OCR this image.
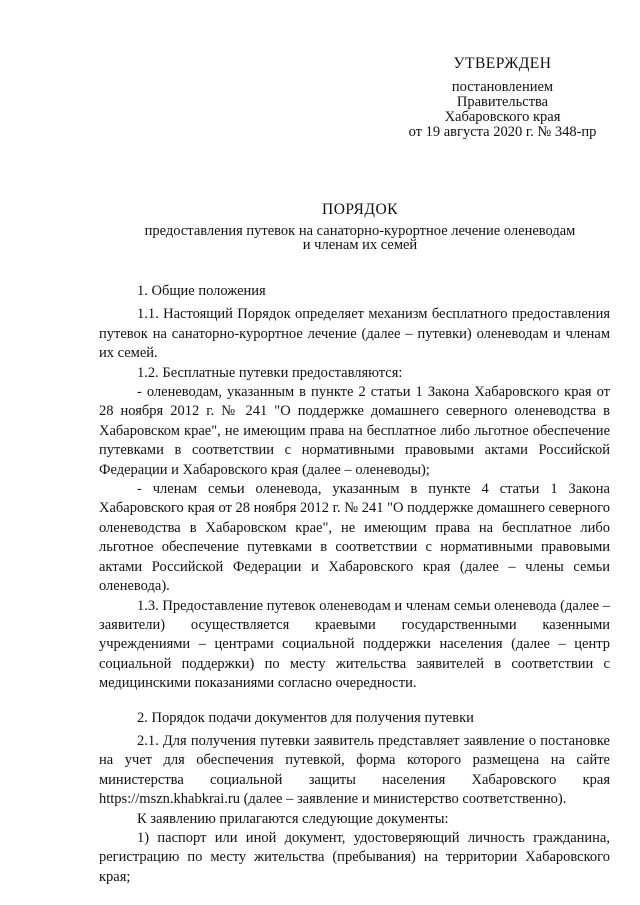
УТВЕРЖДЕН
постановлением
Правительства
Хабаровского края
от 19 августа 2020 г. № 348-пр
ПОРЯДОК
предоставления путевок на санаторно-курортное лечение оленеводам
и членам их семей

1. Общие положения

1.1. Настоящий Порядок определяет механизм бесплатного предоставления путевок на санаторно-курортное лечение (далее – путевки) оленеводам и членам их семей.

1.2. Бесплатные путевки предоставляются:

- оленеводам, указанным в пункте 2 статьи 1 Закона Хабаровского края от 28 ноября 2012 г. № 241 "О поддержке домашнего северного оленеводства в Хабаровском крае", не имеющим права на бесплатное либо льготное обеспечение путевками в соответствии с нормативными правовыми актами Российской Федерации и Хабаровского края (далее – оленеводы);

- членам семьи оленевода, указанным в пункте 4 статьи 1 Закона Хабаровского края от 28 ноября 2012 г. № 241 "О поддержке домашнего северного оленеводства в Хабаровском крае", не имеющим права на бесплатное либо льготное обеспечение путевками в соответствии с нормативными правовыми актами Российской Федерации и Хабаровского края (далее – члены семьи оленевода).

1.3. Предоставление путевок оленеводам и членам семьи оленевода (далее – заявители) осуществляется краевыми государственными казенными учреждениями – центрами социальной поддержки населения (далее – центр социальной поддержки) по месту жительства заявителей в соответствии с медицинскими показаниями согласно очередности.

2. Порядок подачи документов для получения путевки

2.1. Для получения путевки заявитель представляет заявление о постановке на учет для обеспечения путевкой, форма которого размещена на сайте министерства социальной защиты населения Хабаровского края https://mszn.khabkrai.ru (далее – заявление и министерство соответственно).

К заявлению прилагаются следующие документы:

1) паспорт или иной документ, удостоверяющий личность гражданина, регистрацию по месту жительства (пребывания) на территории Хабаровского края;
